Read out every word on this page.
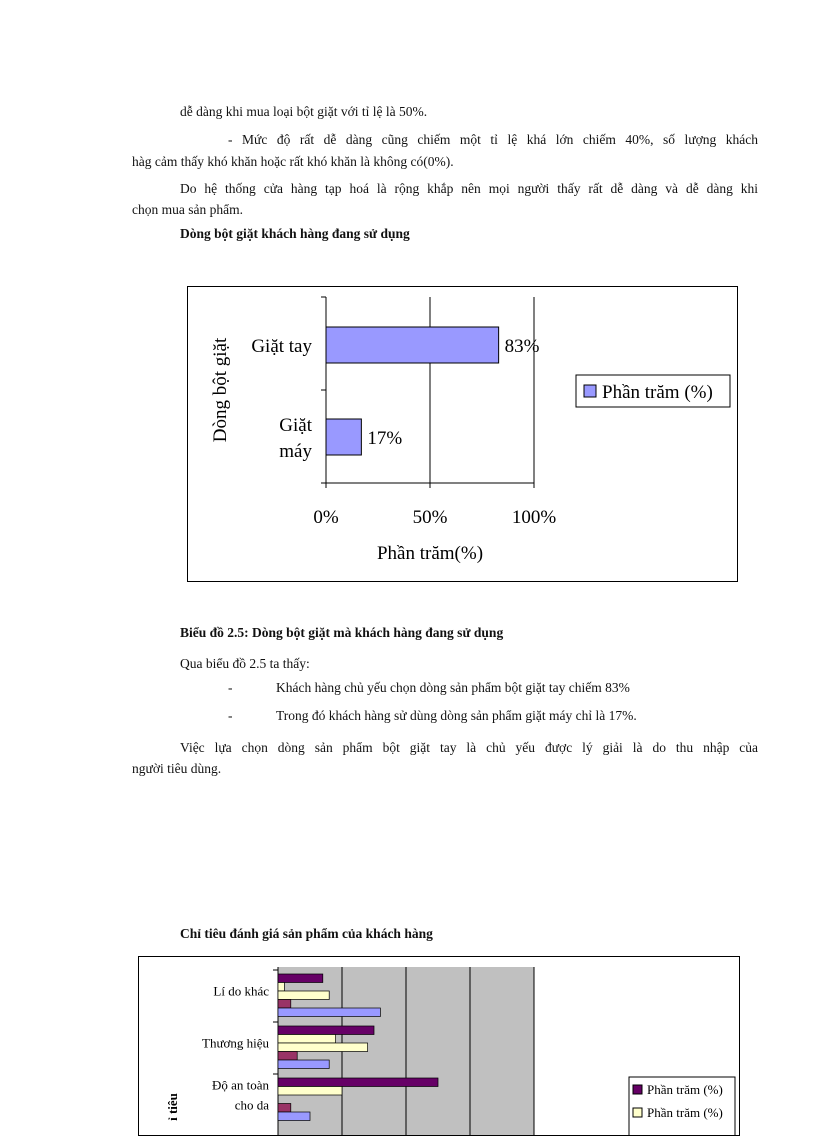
dễ dàng khi mua loại bột giặt với tỉ lệ là 50%.

- Mức độ rất dễ dàng cũng chiếm một tỉ lệ khá lớn chiếm 40%, số lượng khách

hàg cảm thấy khó khăn hoặc rất khó khăn là không có(0%).

Do hệ thống cửa hàng tạp hoá là rộng khắp nên mọi người thấy rất dễ dàng và dễ dàng khi

chọn mua sản phẩm.

Dòng bột giặt khách hàng đang sử dụng

83%
Giặt tay
17%
Giặt
máy
0%	50%	100%
Phần trăm(%)
Dòng bột giặt	Phần trăm (%)

Biểu đồ 2.5: Dòng bột giặt mà khách hàng đang sử dụng

Qua biểu đồ 2.5 ta thấy:

-	Khách hàng chủ yếu chọn dòng sản phẩm bột giặt tay chiếm 83%
-	Trong đó khách hàng sử dùng dòng sản phẩm giặt máy chỉ là 17%.

Việc lựa chọn dòng sản phẩm bột giặt tay là chủ yếu được lý giải là do thu nhập của

người tiêu dùng.

Chỉ tiêu đánh giá sản phẩm của khách hàng

Lí do khác
Thương hiệu
Độ an toàn
cho da
ỉ tiêu
Phần trăm (%)
Phần trăm (%)
